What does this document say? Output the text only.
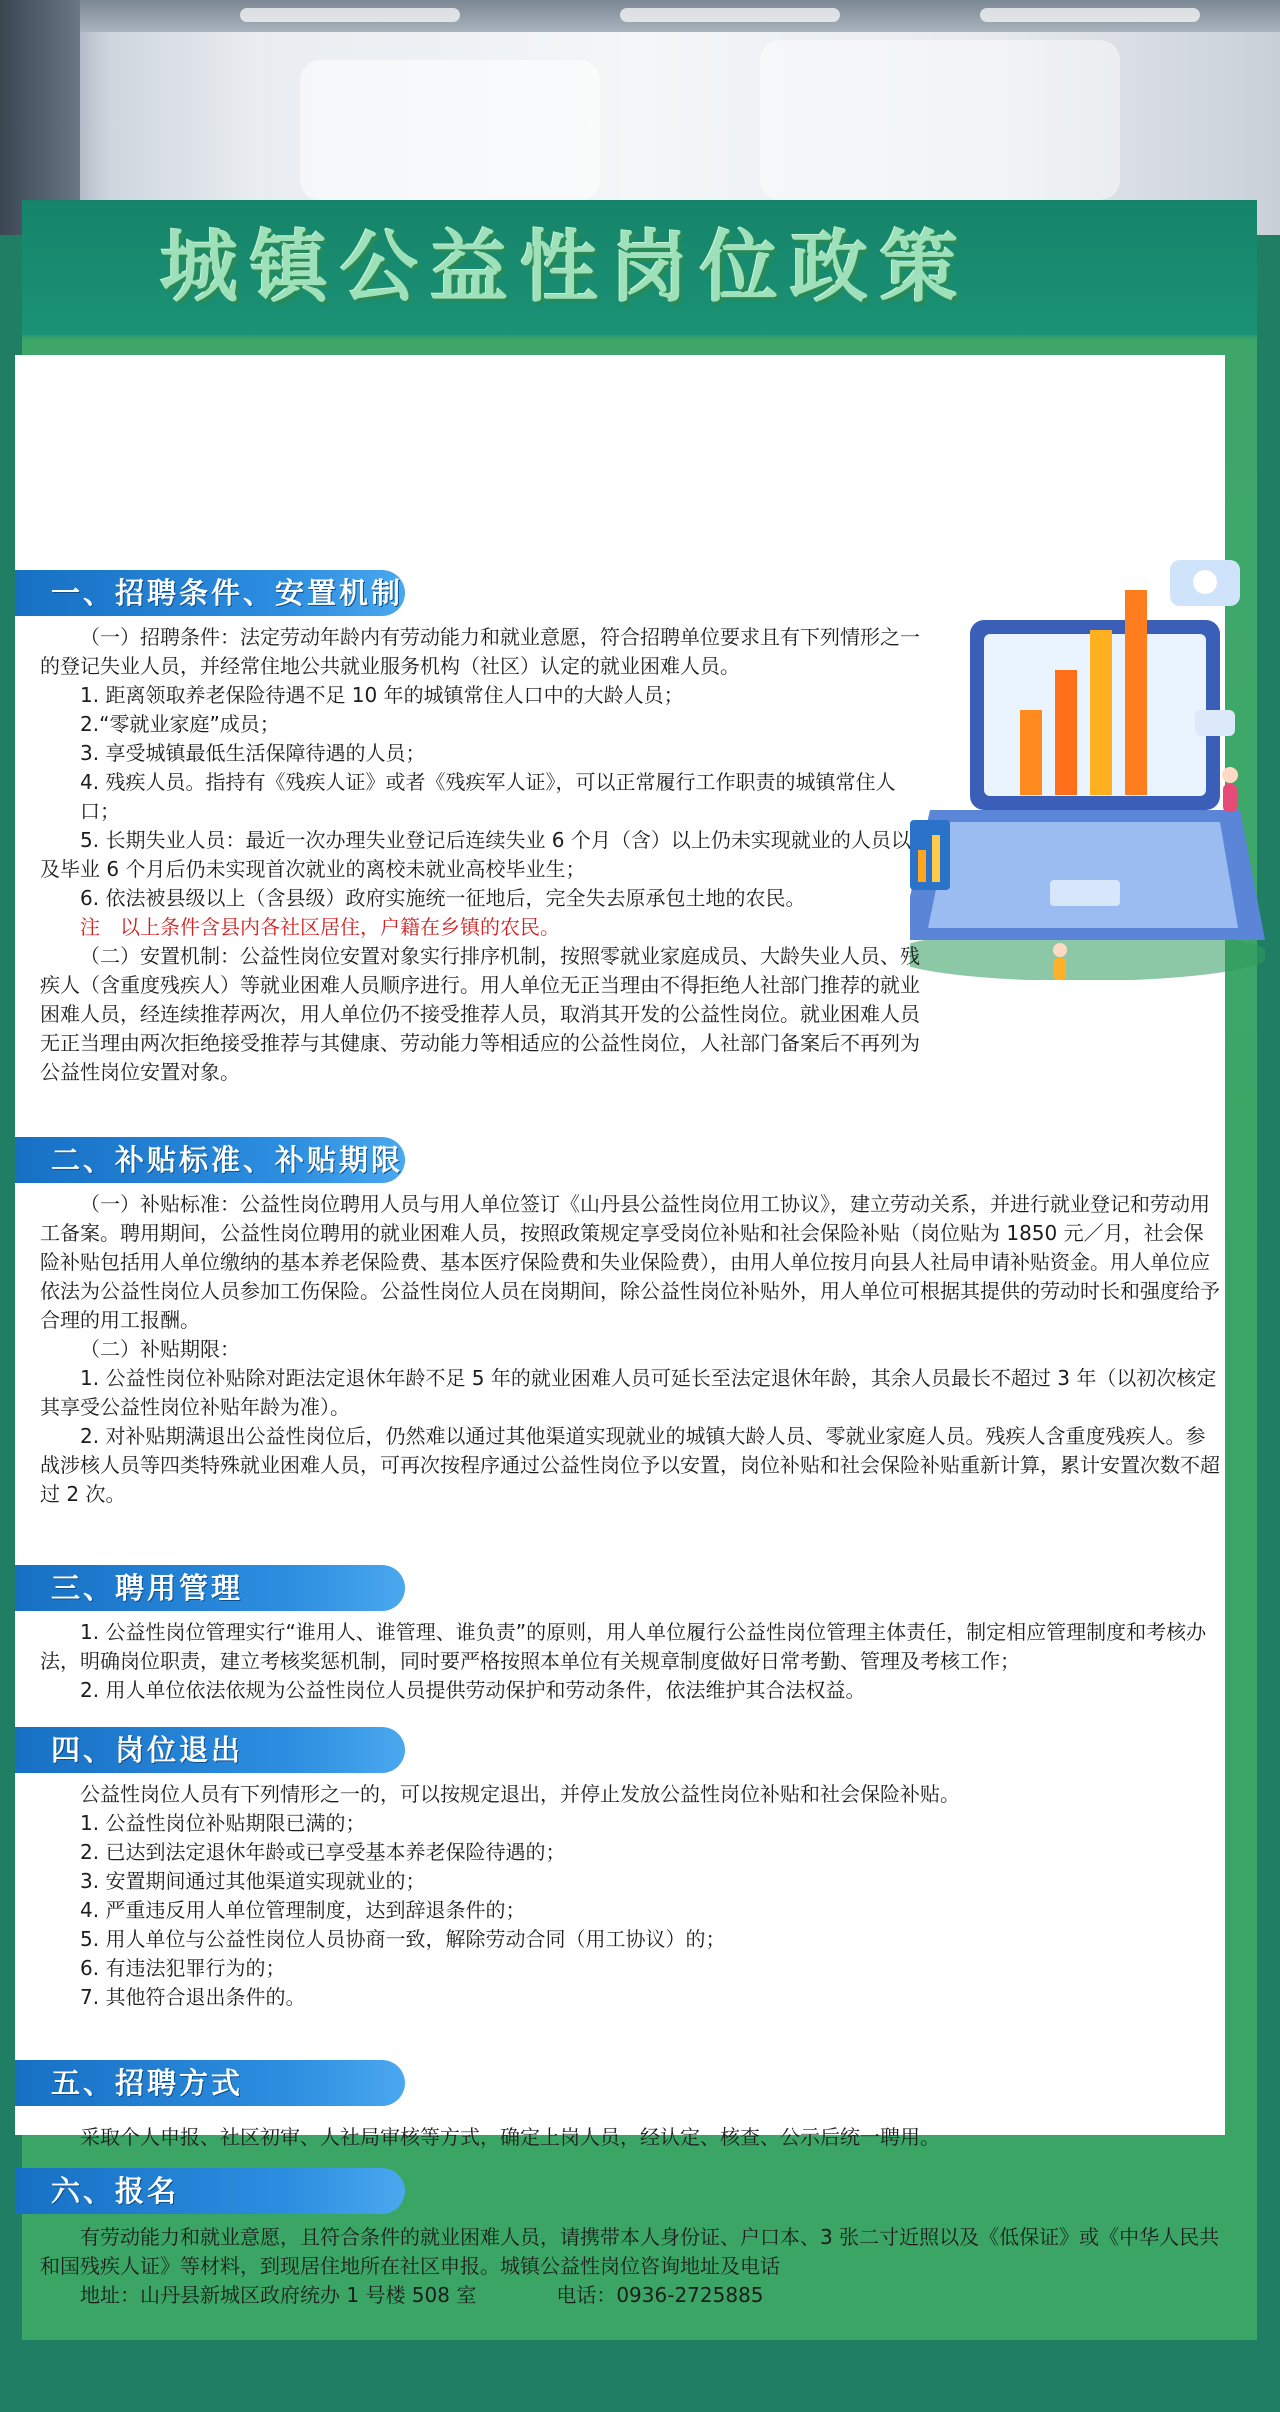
城镇公益性岗位政策
一、招聘条件、安置机制

（一）招聘条件：法定劳动年龄内有劳动能力和就业意愿，符合招聘单位要求且有下列情形之一的登记失业人员，并经常住地公共就业服务机构（社区）认定的就业困难人员。

1. 距离领取养老保险待遇不足 10 年的城镇常住人口中的大龄人员；

2.“零就业家庭”成员；

3. 享受城镇最低生活保障待遇的人员；

4. 残疾人员。指持有《残疾人证》或者《残疾军人证》，可以正常履行工作职责的城镇常住人口；

5. 长期失业人员：最近一次办理失业登记后连续失业 6 个月（含）以上仍未实现就业的人员以及毕业 6 个月后仍未实现首次就业的离校未就业高校毕业生；

6. 依法被县级以上（含县级）政府实施统一征地后，完全失去原承包土地的农民。

注　以上条件含县内各社区居住，户籍在乡镇的农民。

（二）安置机制：公益性岗位安置对象实行排序机制，按照零就业家庭成员、大龄失业人员、残疾人（含重度残疾人）等就业困难人员顺序进行。用人单位无正当理由不得拒绝人社部门推荐的就业困难人员，经连续推荐两次，用人单位仍不接受推荐人员，取消其开发的公益性岗位。就业困难人员无正当理由两次拒绝接受推荐与其健康、劳动能力等相适应的公益性岗位，人社部门备案后不再列为公益性岗位安置对象。

二、补贴标准、补贴期限

（一）补贴标准：公益性岗位聘用人员与用人单位签订《山丹县公益性岗位用工协议》，建立劳动关系，并进行就业登记和劳动用工备案。聘用期间，公益性岗位聘用的就业困难人员，按照政策规定享受岗位补贴和社会保险补贴（岗位贴为 1850 元／月，社会保险补贴包括用人单位缴纳的基本养老保险费、基本医疗保险费和失业保险费），由用人单位按月向县人社局申请补贴资金。用人单位应依法为公益性岗位人员参加工伤保险。公益性岗位人员在岗期间，除公益性岗位补贴外，用人单位可根据其提供的劳动时长和强度给予合理的用工报酬。

（二）补贴期限：

1. 公益性岗位补贴除对距法定退休年龄不足 5 年的就业困难人员可延长至法定退休年龄，其余人员最长不超过 3 年（以初次核定其享受公益性岗位补贴年龄为准）。

2. 对补贴期满退出公益性岗位后，仍然难以通过其他渠道实现就业的城镇大龄人员、零就业家庭人员。残疾人含重度残疾人。参战涉核人员等四类特殊就业困难人员，可再次按程序通过公益性岗位予以安置，岗位补贴和社会保险补贴重新计算，累计安置次数不超过 2 次。

三、聘用管理

1. 公益性岗位管理实行“谁用人、谁管理、谁负责”的原则，用人单位履行公益性岗位管理主体责任，制定相应管理制度和考核办法，明确岗位职责，建立考核奖惩机制，同时要严格按照本单位有关规章制度做好日常考勤、管理及考核工作；

2. 用人单位依法依规为公益性岗位人员提供劳动保护和劳动条件，依法维护其合法权益。

四、岗位退出

公益性岗位人员有下列情形之一的，可以按规定退出，并停止发放公益性岗位补贴和社会保险补贴。

1. 公益性岗位补贴期限已满的；

2. 已达到法定退休年龄或已享受基本养老保险待遇的；

3. 安置期间通过其他渠道实现就业的；

4. 严重违反用人单位管理制度，达到辞退条件的；

5. 用人单位与公益性岗位人员协商一致，解除劳动合同（用工协议）的；

6. 有违法犯罪行为的；

7. 其他符合退出条件的。

五、招聘方式

采取个人申报、社区初审、人社局审核等方式，确定上岗人员，经认定、核查、公示后统一聘用。

六、报名

有劳动能力和就业意愿，且符合条件的就业困难人员，请携带本人身份证、户口本、3 张二寸近照以及《低保证》或《中华人民共和国残疾人证》等材料，到现居住地所在社区申报。城镇公益性岗位咨询地址及电话

地址：山丹县新城区政府统办 1 号楼 508 室　　　　电话：0936-2725885
